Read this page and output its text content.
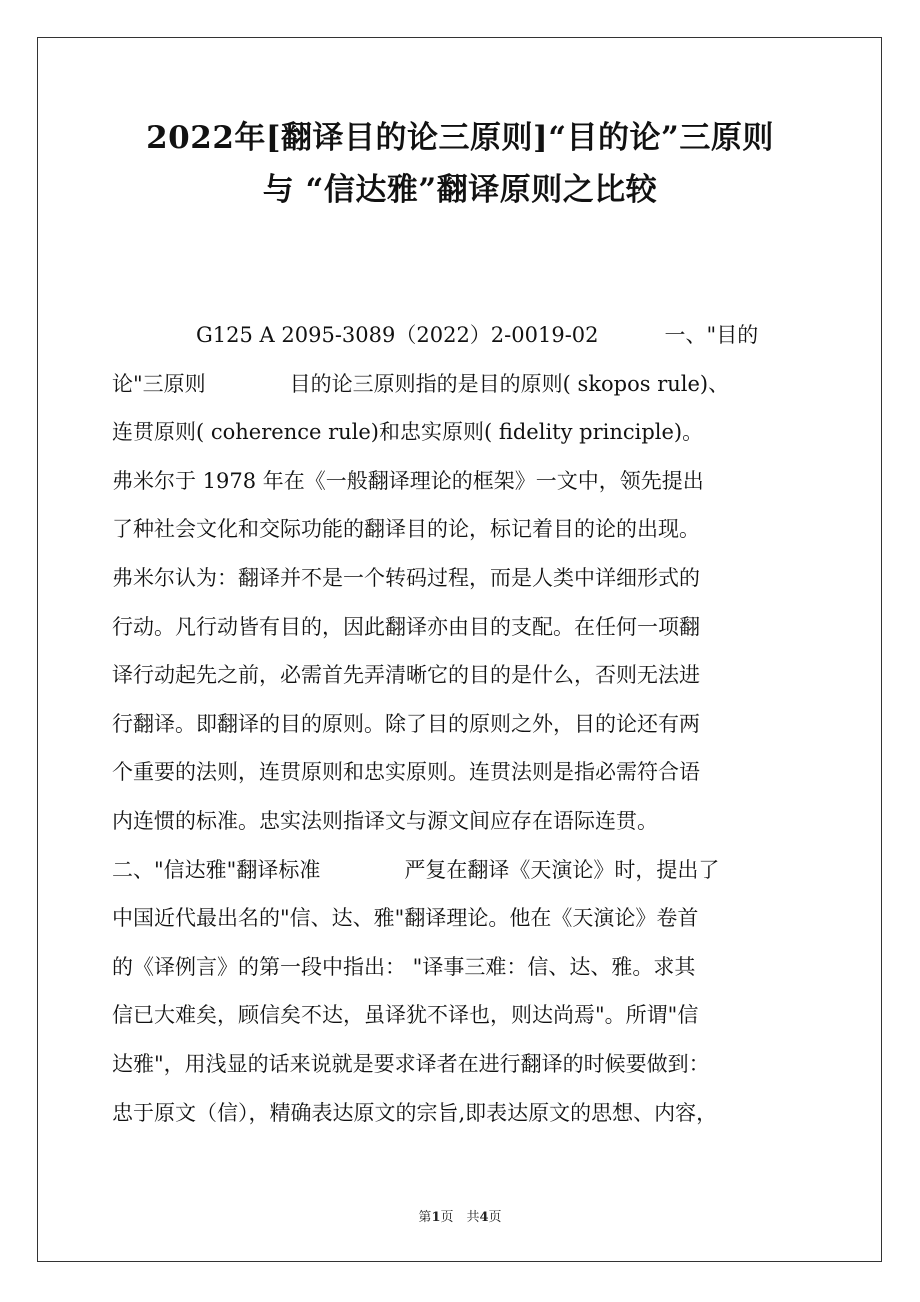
2022年[翻译目的论三原则]“目的论”三原则
与 “信达雅”翻译原则之比较
G125 A 2095-3089（2022）2-0019-02	一、"目的
论"三原则	目的论三原则指的是目的原则( skopos rule)、
连贯原则( coherence rule)和忠实原则( fidelity principle)。
弗米尔于 1978 年在《一般翻译理论的框架》一文中，领先提出
了种社会文化和交际功能的翻译目的论，标记着目的论的出现。
弗米尔认为：翻译并不是一个转码过程，而是人类中详细形式的
行动。凡行动皆有目的，因此翻译亦由目的支配。在任何一项翻
译行动起先之前，必需首先弄清晰它的目的是什么，否则无法进
行翻译。即翻译的目的原则。除了目的原则之外，目的论还有两
个重要的法则，连贯原则和忠实原则。连贯法则是指必需符合语
内连惯的标准。忠实法则指译文与源文间应存在语际连贯。
二、"信达雅"翻译标准	严复在翻译《天演论》时，提出了
中国近代最出名的"信、达、雅"翻译理论。他在《天演论》卷首
的《译例言》的第一段中指出： "译事三难：信、达、雅。求其
信已大难矣，顾信矣不达，虽译犹不译也，则达尚焉"。所谓"信
达雅"，用浅显的话来说就是要求译者在进行翻译的时候要做到：
忠于原文（信），精确表达原文的宗旨,即表达原文的思想、内容，
第1页　共4页
